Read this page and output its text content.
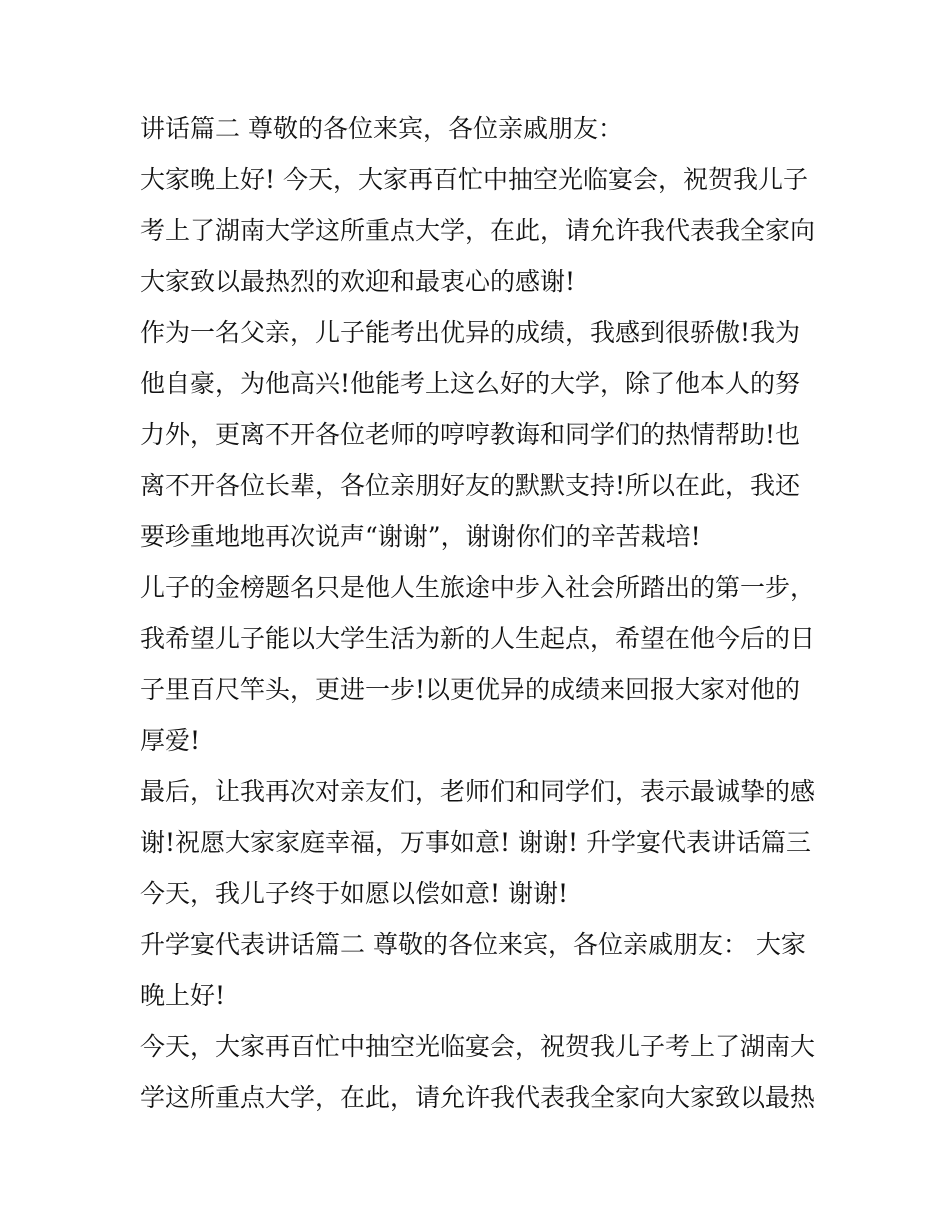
讲话篇二 尊敬的各位来宾，各位亲戚朋友：
大家晚上好! 今天，大家再百忙中抽空光临宴会，祝贺我儿子
考上了湖南大学这所重点大学，在此，请允许我代表我全家向
大家致以最热烈的欢迎和最衷心的感谢!
作为一名父亲，儿子能考出优异的成绩，我感到很骄傲!我为
他自豪，为他高兴!他能考上这么好的大学，除了他本人的努
力外，更离不开各位老师的哼哼教诲和同学们的热情帮助!也
离不开各位长辈，各位亲朋好友的默默支持!所以在此，我还
要珍重地地再次说声“谢谢”，谢谢你们的辛苦栽培!
儿子的金榜题名只是他人生旅途中步入社会所踏出的第一步，
我希望儿子能以大学生活为新的人生起点，希望在他今后的日
子里百尺竿头，更进一步!以更优异的成绩来回报大家对他的
厚爱!
最后，让我再次对亲友们，老师们和同学们，表示最诚挚的感
谢!祝愿大家家庭幸福，万事如意! 谢谢! 升学宴代表讲话篇三
今天，我儿子终于如愿以偿如意! 谢谢!
升学宴代表讲话篇二 尊敬的各位来宾，各位亲戚朋友： 大家
晚上好!
今天，大家再百忙中抽空光临宴会，祝贺我儿子考上了湖南大
学这所重点大学，在此，请允许我代表我全家向大家致以最热
